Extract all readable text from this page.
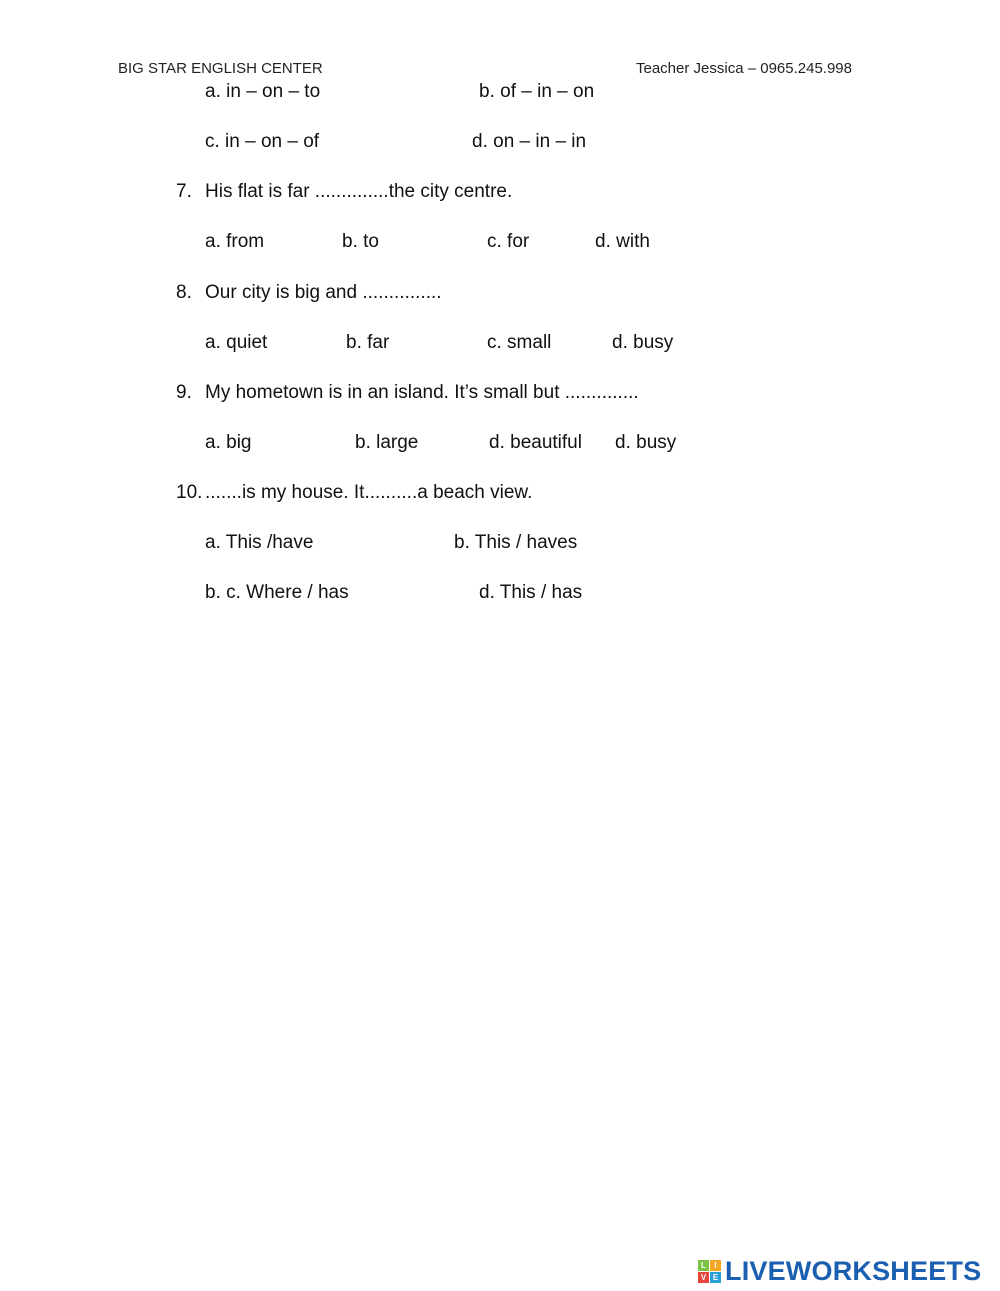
BIG STAR ENGLISH CENTER	Teacher Jessica – 0965.245.998
a. in – on – to	b. of – in – on
c. in – on – of	d. on – in – in
7. His flat is far ..............the city centre.
a. from	b. to	c. for	d. with
8. Our city is big and ...............
a. quiet	b. far	c. small	d. busy
9. My hometown is in an island. It’s small but ..............
a. big	b. large	d. beautiful d. busy
10. .......is my house. It..........a beach view.
a. This /have	b. This / haves
b. c. Where / has	d. This / has
L	I
V E LIVEWORKSHEETS
